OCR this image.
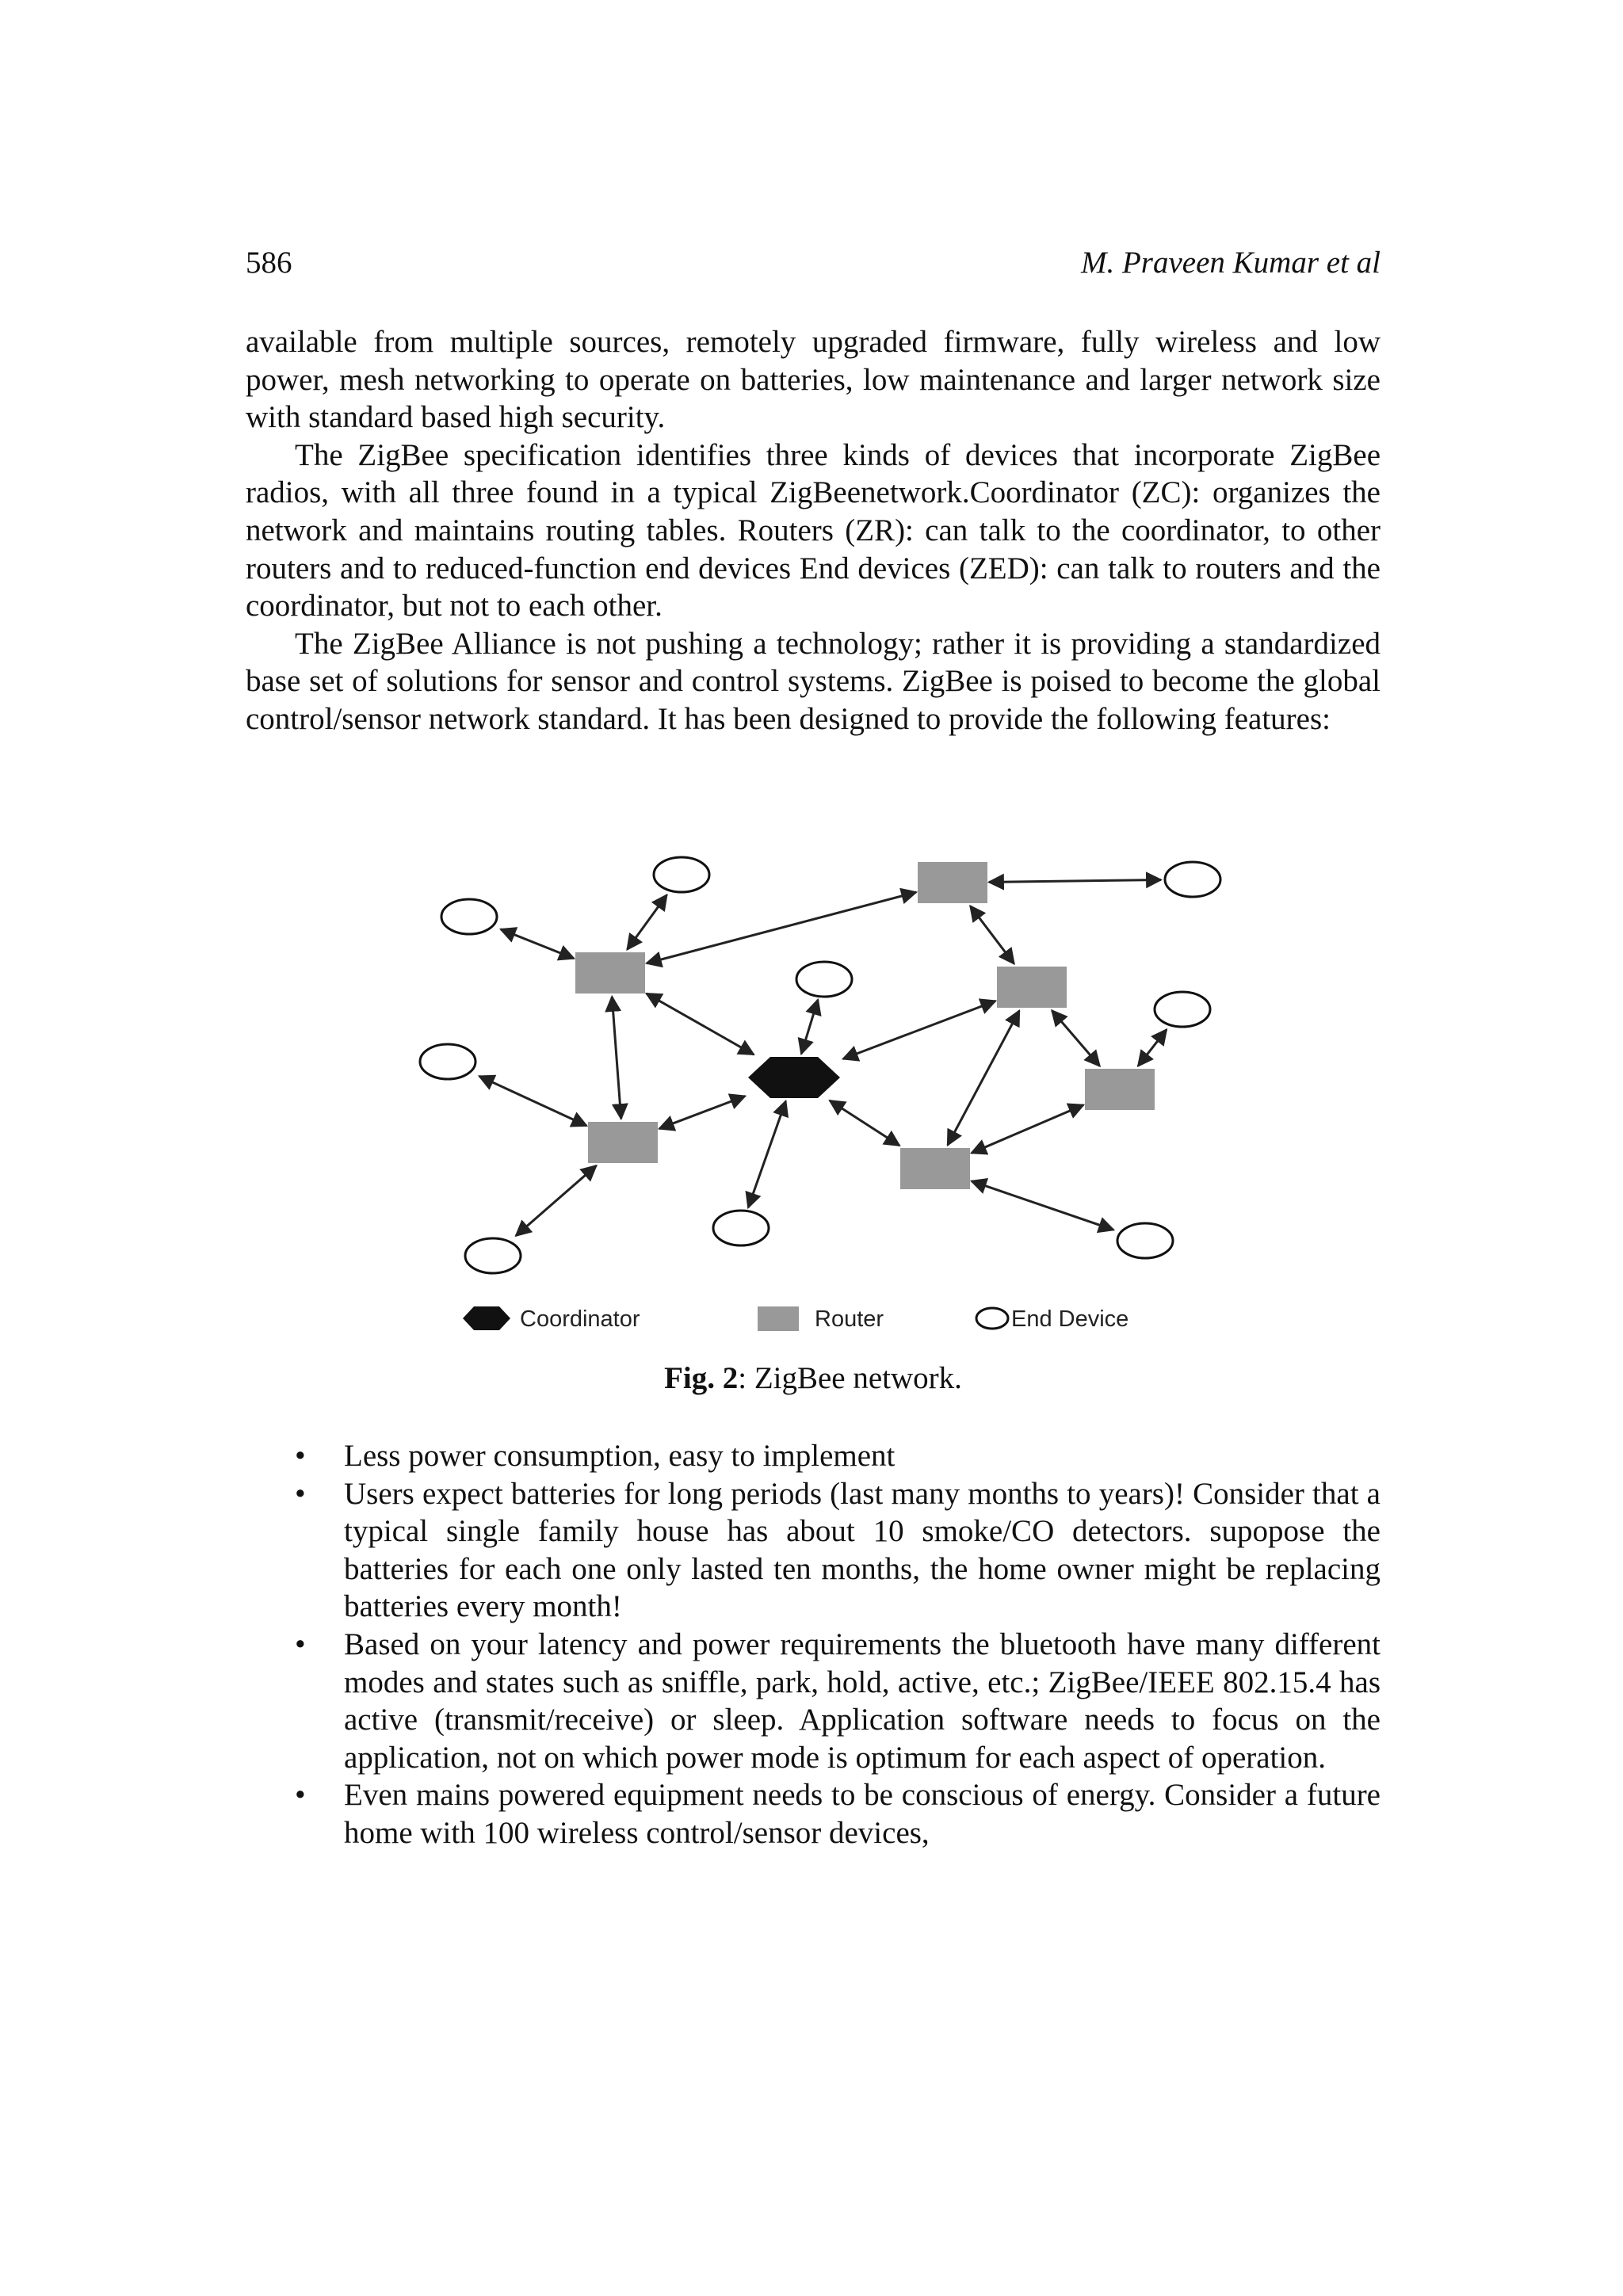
586	M. Praveen Kumar et al

available from multiple sources, remotely upgraded firmware, fully wireless and low power, mesh networking to operate on batteries, low maintenance and larger network size with standard based high security.

The ZigBee specification identifies three kinds of devices that incorporate ZigBee radios, with all three found in a typical ZigBeenetwork.Coordinator (ZC): organizes the network and maintains routing tables. Routers (ZR): can talk to the coordinator, to other routers and to reduced-function end devices End devices (ZED): can talk to routers and the coordinator, but not to each other.

The ZigBee Alliance is not pushing a technology; rather it is providing a standardized base set of solutions for sensor and control systems. ZigBee is poised to become the global control/sensor network standard. It has been designed to provide the following features:

Coordinator	Router	End Device
Fig. 2: ZigBee network.
•	Less power consumption, easy to implement
•	Users expect batteries for long periods (last many months to years)! Consider that a typical single family house has about 10 smoke/CO detectors. supopose the batteries for each one only lasted ten months, the home owner might be replacing batteries every month!
•	Based on your latency and power requirements the bluetooth have many different modes and states such as sniffle, park, hold, active, etc.; ZigBee/IEEE 802.15.4 has active (transmit/receive) or sleep. Application software needs to focus on the application, not on which power mode is optimum for each aspect of operation.
•	Even mains powered equipment needs to be conscious of energy. Consider a future home with 100 wireless control/sensor devices,
